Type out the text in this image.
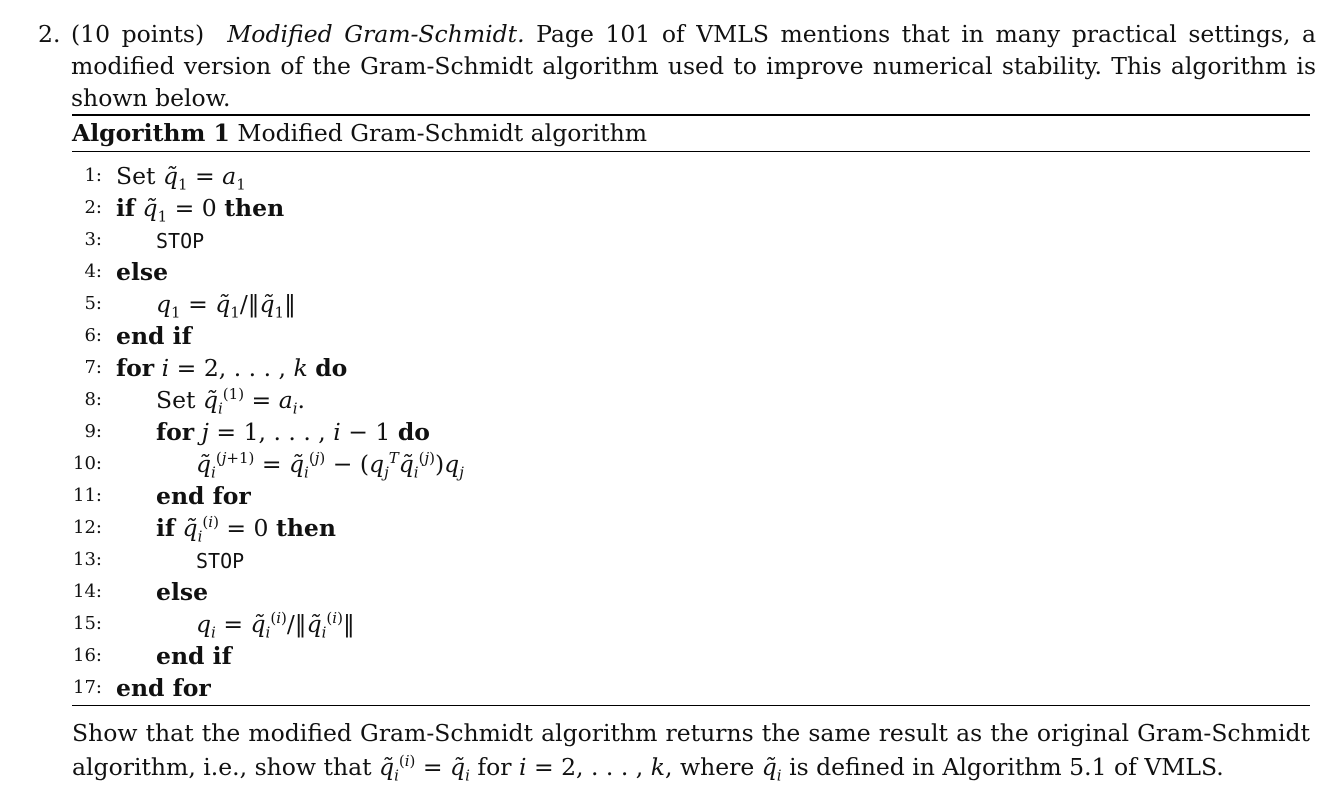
2. (10 points) Modified Gram-Schmidt. Page 101 of VMLS mentions that in many practical settings, a modified version of the Gram-Schmidt algorithm used to improve numerical stability. This algorithm is shown below.
Algorithm 1 Modified Gram-Schmidt algorithm
1: Set $q̃_1 = a_1$
2: if $q̃_1 = 0$ then
3:	STOP
4: else
5:	$q_1$ = $q̃_1/‖q̃_1‖$
6: end if
7: for i = 2, . . . , k do
8:	Set $q̃_i^{(1)} = a_i$.
9:	for j = 1, . . . , i − 1 do
10:	$q̃_i^{(j+1)}$ = $q̃_i^{(j)}$ − $(q_j^Tq̃_i^{(j)})q_j$
11:	end for
12:	if $q̃_i^{(i)} = 0$ then
13:	STOP
14:	else
15:	$q_i$ = $q̃_i^{(i)}/‖q̃_i^{(i)}‖$
16:	end if
17: end for
Show that the modified Gram-Schmidt algorithm returns the same result as the original Gram-Schmidt algorithm, i.e., show that $q̃_i^{(i)}$ = $q̃_i$ for i = 2, . . . , k, where $q̃_i$ is defined in Algorithm 5.1 of VMLS.
